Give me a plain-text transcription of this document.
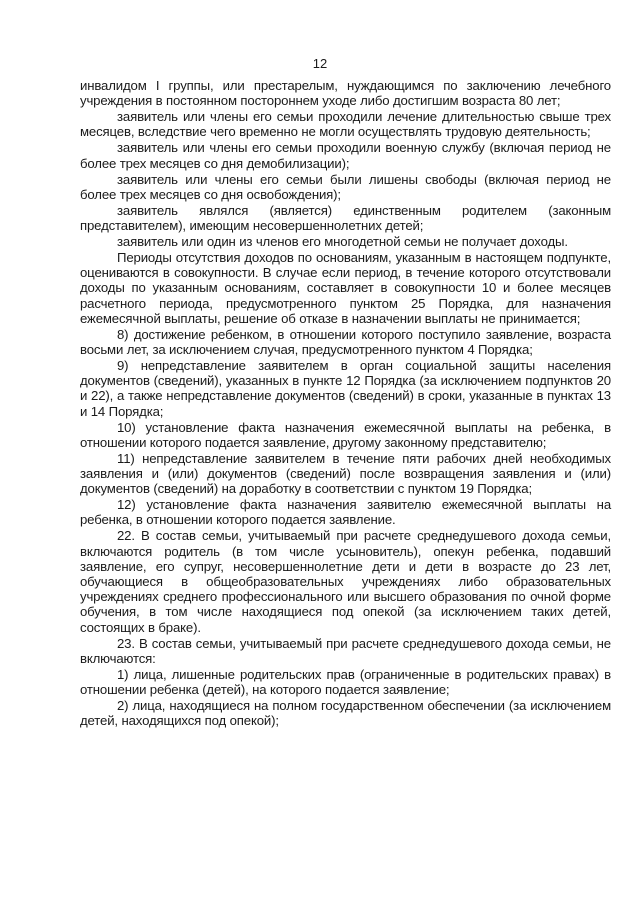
12

инвалидом I группы, или престарелым, нуждающимся по заключению лечебного учреждения в постоянном постороннем уходе либо достигшим возраста 80 лет;

заявитель или члены его семьи проходили лечение длительностью свыше трех месяцев, вследствие чего временно не могли осуществлять трудовую деятельность;

заявитель или члены его семьи проходили военную службу (включая период не более трех месяцев со дня демобилизации);

заявитель или члены его семьи были лишены свободы (включая период не более трех месяцев со дня освобождения);

заявитель являлся (является) единственным родителем (законным представителем), имеющим несовершеннолетних детей;

заявитель или один из членов его многодетной семьи не получает доходы.

Периоды отсутствия доходов по основаниям, указанным в настоящем подпункте, оцениваются в совокупности. В случае если период, в течение которого отсутствовали доходы по указанным основаниям, составляет в совокупности 10 и более месяцев расчетного периода, предусмотренного пунктом 25 Порядка, для назначения ежемесячной выплаты, решение об отказе в назначении выплаты не принимается;

8) достижение ребенком, в отношении которого поступило заявление, возраста восьми лет, за исключением случая, предусмотренного пунктом 4 Порядка;

9) непредставление заявителем в орган социальной защиты населения документов (сведений), указанных в пункте 12 Порядка (за исключением подпунктов 20 и 22), а также непредставление документов (сведений) в сроки, указанные в пунктах 13 и 14 Порядка;

10) установление факта назначения ежемесячной выплаты на ребенка, в отношении которого подается заявление, другому законному представителю;

11) непредставление заявителем в течение пяти рабочих дней необходимых заявления и (или) документов (сведений) после возвращения заявления и (или) документов (сведений) на доработку в соответствии с пунктом 19 Порядка;

12) установление факта назначения заявителю ежемесячной выплаты на ребенка, в отношении которого подается заявление.

22. В состав семьи, учитываемый при расчете среднедушевого дохода семьи, включаются родитель (в том числе усыновитель), опекун ребенка, подавший заявление, его супруг, несовершеннолетние дети и дети в возрасте до 23 лет, обучающиеся в общеобразовательных учреждениях либо образовательных учреждениях среднего профессионального или высшего образования по очной форме обучения, в том числе находящиеся под опекой (за исключением таких детей, состоящих в браке).

23. В состав семьи, учитываемый при расчете среднедушевого дохода семьи, не включаются:

1) лица, лишенные родительских прав (ограниченные в родительских правах) в отношении ребенка (детей), на которого подается заявление;

2) лица, находящиеся на полном государственном обеспечении (за исключением детей, находящихся под опекой);
